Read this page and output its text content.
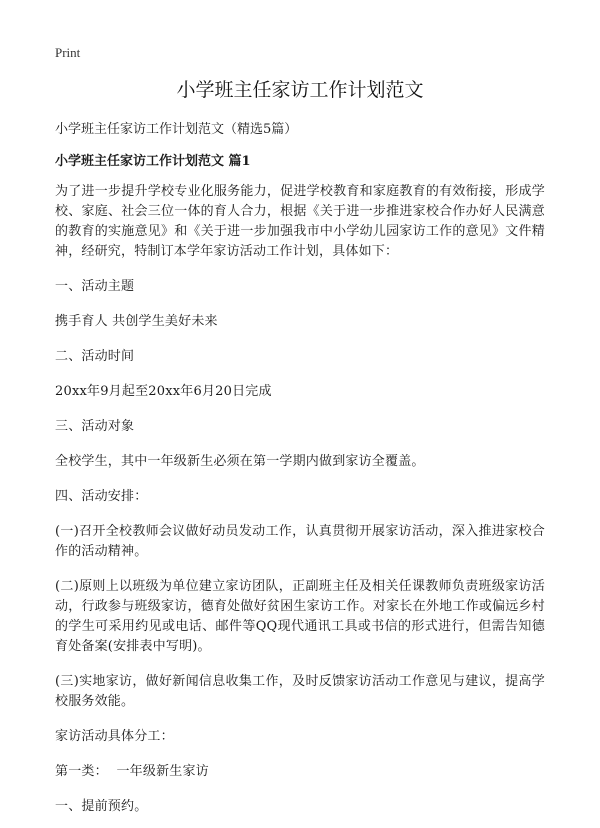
Print
小学班主任家访工作计划范文
小学班主任家访工作计划范文（精选5篇）
小学班主任家访工作计划范文 篇1

为了进一步提升学校专业化服务能力，促进学校教育和家庭教育的有效衔接，形成学校、家庭、社会三位一体的育人合力，根据《关于进一步推进家校合作办好人民满意的教育的实施意见》和《关于进一步加强我市中小学幼儿园家访工作的意见》文件精神，经研究，特制订本学年家访活动工作计划，具体如下：

一、活动主题

携手育人 共创学生美好未来

二、活动时间

20xx年9月起至20xx年6月20日完成

三、活动对象

全校学生，其中一年级新生必须在第一学期内做到家访全覆盖。

四、活动安排：

(一)召开全校教师会议做好动员发动工作，认真贯彻开展家访活动，深入推进家校合作的活动精神。

(二)原则上以班级为单位建立家访团队，正副班主任及相关任课教师负责班级家访活动，行政参与班级家访，德育处做好贫困生家访工作。对家长在外地工作或偏远乡村的学生可采用约见或电话、邮件等QQ现代通讯工具或书信的形式进行，但需告知德育处备案(安排表中写明)。

(三)实地家访，做好新闻信息收集工作，及时反馈家访活动工作意见与建议，提高学校服务效能。

家访活动具体分工：

第一类：  一年级新生家访

一、提前预约。
